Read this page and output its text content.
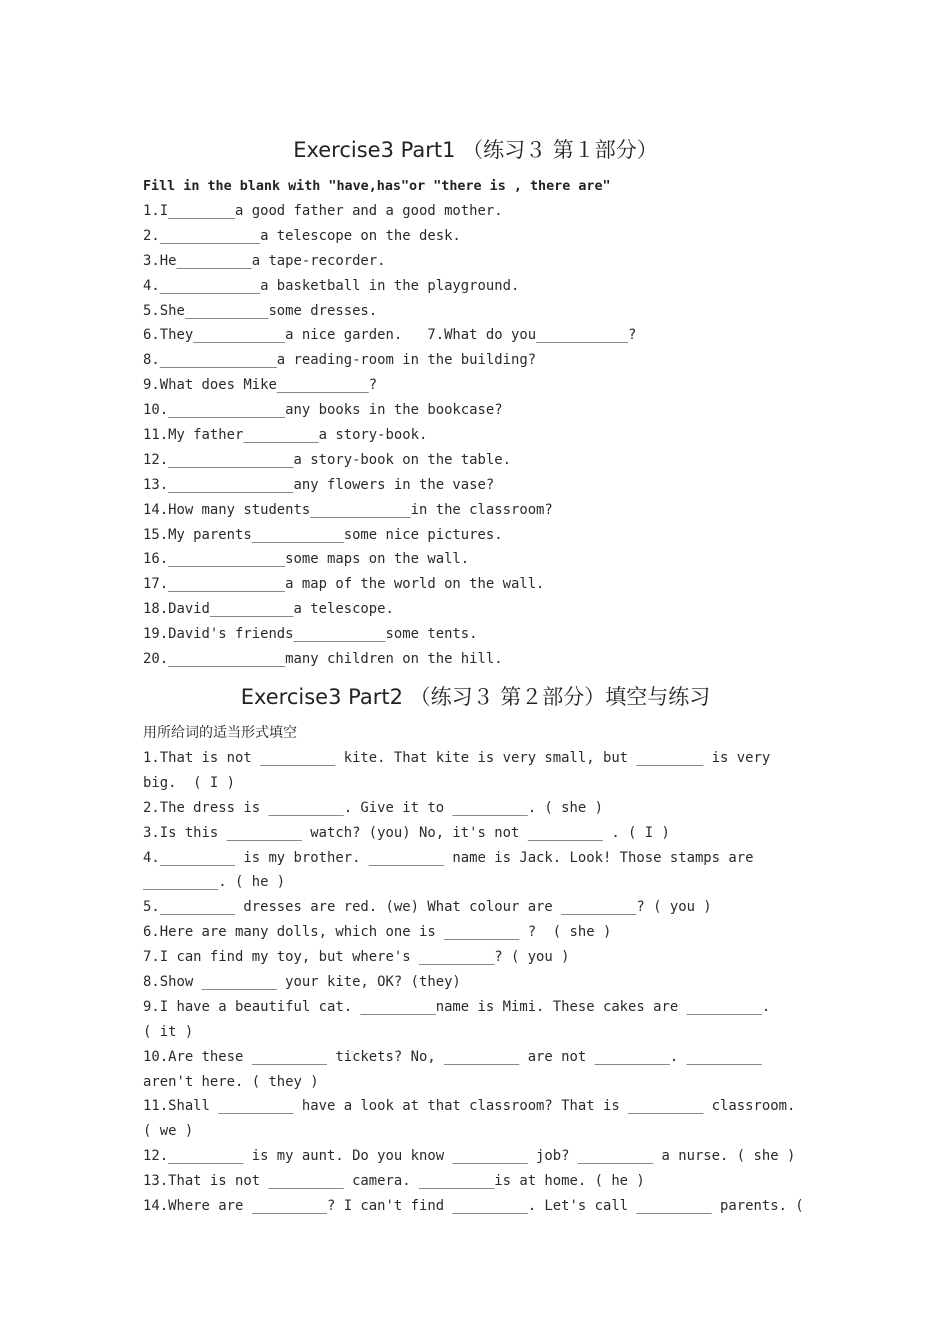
Exercise3 Part1 （练习３ 第１部分）
Fill in the blank with "have,has"or "there is , there are"
1.I________a good father and a good mother.
2.____________a telescope on the desk.
3.He_________a tape-recorder.
4.____________a basketball in the playground.
5.She__________some dresses.
6.They___________a nice garden.   7.What do you___________?
8.______________a reading-room in the building?
9.What does Mike___________?
10.______________any books in the bookcase?
11.My father_________a story-book.
12._______________a story-book on the table.
13._______________any flowers in the vase?
14.How many students____________in the classroom?
15.My parents___________some nice pictures.
16.______________some maps on the wall.
17.______________a map of the world on the wall.
18.David__________a telescope.
19.David's friends___________some tents.
20.______________many children on the hill.
Exercise3 Part2 （练习３ 第２部分）填空与练习
用所给词的适当形式填空
1.That is not _________ kite. That kite is very small, but ________ is very
big.  ( I )
2.The dress is _________. Give it to _________. ( she )
3.Is this _________ watch? (you) No, it's not _________ . ( I )
4._________ is my brother. _________ name is Jack. Look! Those stamps are
_________. ( he )
5._________ dresses are red. (we) What colour are _________? ( you )
6.Here are many dolls, which one is _________ ?  ( she )
7.I can find my toy, but where's _________? ( you )
8.Show _________ your kite, OK? (they)
9.I have a beautiful cat. _________name is Mimi. These cakes are _________.
( it )
10.Are these _________ tickets? No, _________ are not _________. _________
aren't here. ( they )
11.Shall _________ have a look at that classroom? That is _________ classroom.
( we )
12._________ is my aunt. Do you know _________ job? _________ a nurse. ( she )
13.That is not _________ camera. _________is at home. ( he )
14.Where are _________? I can't find _________. Let's call _________ parents. (
